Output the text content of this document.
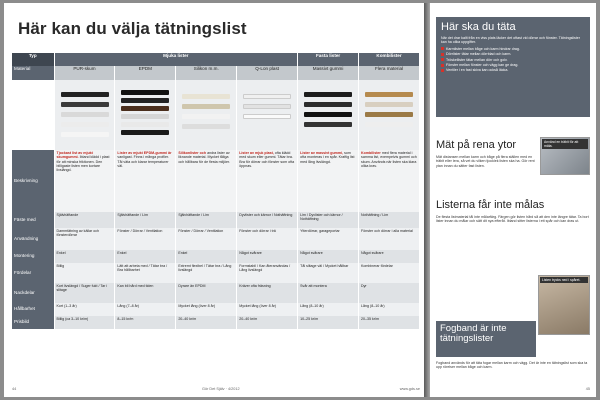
Här kan du välja tätningslist
Typ	Mjuka lister				Fasta lister	Kombilister
Material	PUR-skum	EPDM	Silikon m.m.	Q-Lon plast	Massivt gummi	Flera material

Beskrivning	Tjockast list av mjukt skumgummi. Ibland klädd i plast för att minska friktionen. Den billigaste listen men kortare livslängd.	Lister av mjukt EPDM-gummi är vanligast. Finns i många profiler. Tål väta och klarar temperaturer väl.	Silikonlister och andra lister av liknande material. Mycket tåliga och hållbara för de flesta miljöer.	Lister av mjuk plast, ofta klädd med skum eller gummi. Tätar bra. Bra för dörrar och fönster som ofta öppnas.	Lister av massivt gummi, som ofta monteras i en spår. Kraftig list med lång livslängd.	Kombilister med flera material i samma list, exempelvis gummi och skum. Används när listen ska klara olika krav.
Fäste med	Självhäftande	Självhäftande / Lim	Självhäftande / Lim	Dyvlister och kärnor / Nothäftning	Lim / Dyvlister och kärnor / Nothäftning	Nothäftning / Lim
Användning	Dammtätning av källar och fönsterdörrar	Fönster / Dörrar / Ventilation	Fönster / Dörrar / Ventilation	Fönster och dörrar i trä	Ytterdörrar, garageportar	Fönster och dörrar i alla material
Montering	Enkel	Enkel	Enkel	Något svårare	Något svårare	Något svårare
Fördelar	Billig	Lätt att arbeta med / Tätar bra / Bra hållbarhet	Extremt flexibel / Tätar bra / Lång livslängd	Formstabil / Kan återanvändas / Lång livslängd	Tål slitage väl / Mycket hållbar	Kombinerar fördelar
Nackdelar	Kort livslängd / Suger fukt / Tar i slitage	Kan bli hård med tiden	Dyrare än EPDM	Kräver ofta fräsning	Svår att montera	Dyr
Hållbarhet	Kort (1–3 år)	Lång (7–8 år)	Mycket lång (över 8 år)	Mycket lång (över 8 år)	Lång (8–10 år)	Lång (8–10 år)
Prisbild	Billig (ca 3–10 kr/m)	8–15 kr/m	20–40 kr/m	20–40 kr/m	10–25 kr/m	20–35 kr/m
44	Gör Det Själv · 4/2012	www.gds.se
Här ska du täta
När det drar kallt från en viss plats läcker det oftast vid dörrar och fönster. Tätningslister kan ha olika uppgifter.
Karmlister mellan båge och karm hindrar drag.
Dörrlister tätar mellan dörrblad och karm.
Tröskellister tätar mellan dörr och golv.
Fönster mellan fönster och vägg kan ge drag.
Ventiler i en fast skiva kan också läcka.
Mät på rena ytor
Mät distansen mellan karm och båge på flera ställen med en träbit eller lera, så vet du vilken tjocklek listen ska ha. Gör rent ytan innan du sätter fast listen.
Använd en träbit för att mäta.
Listerna får inte målas
De flesta listmaterial tål inte målarfärg. Färgen gör listen hård så att den inte längre tätar. Ta bort lister innan du målar och sätt dit nya efteråt. Ibland sitter listerna i ett spår och kan dras ut.
Listen trycks ned i spåret.
Fogband är inte tätningslister
Fogband används för att täta fogar mellan karm och vägg. Det är inte en tätningslist som ska ta upp rörelser mellan båge och karm.
45
